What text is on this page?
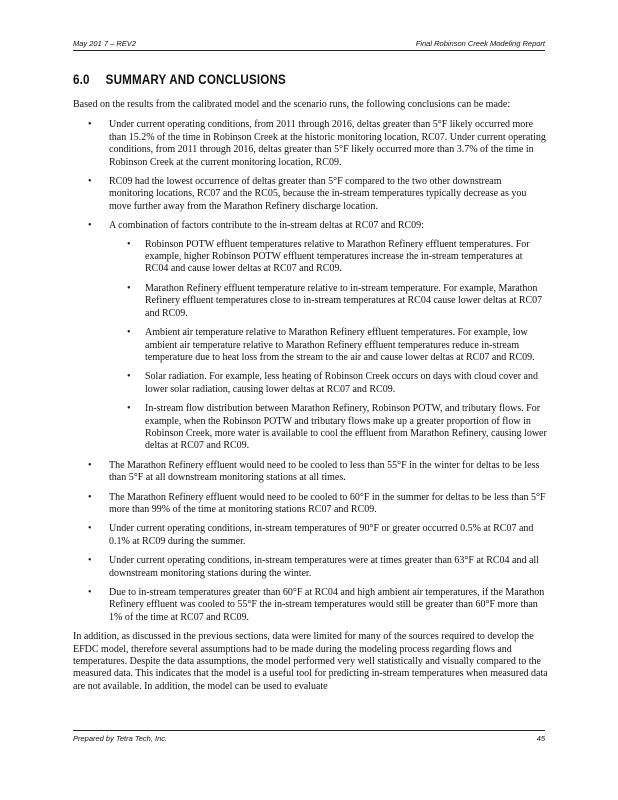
May 201 7 – REV2	Final Robinson Creek Modeling Report
6.0 SUMMARY AND CONCLUSIONS

Based on the results from the calibrated model and the scenario runs, the following conclusions can be made:

• Under current operating conditions, from 2011 through 2016, deltas greater than 5°F likely occurred more than 15.2% of the time in Robinson Creek at the historic monitoring location, RC07. Under current operating conditions, from 2011 through 2016, deltas greater than 5°F likely occurred more than 3.7% of the time in Robinson Creek at the current monitoring location, RC09.
• RC09 had the lowest occurrence of deltas greater than 5°F compared to the two other downstream monitoring locations, RC07 and the RC05, because the in-stream temperatures typically decrease as you move further away from the Marathon Refinery discharge location.
• A combination of factors contribute to the in-stream deltas at RC07 and RC09:
• Robinson POTW effluent temperatures relative to Marathon Refinery effluent temperatures. For example, higher Robinson POTW effluent temperatures increase the in-stream temperatures at RC04 and cause lower deltas at RC07 and RC09.
• Marathon Refinery effluent temperature relative to in-stream temperature. For example, Marathon Refinery effluent temperatures close to in-stream temperatures at RC04 cause lower deltas at RC07 and RC09.
• Ambient air temperature relative to Marathon Refinery effluent temperatures. For example, low ambient air temperature relative to Marathon Refinery effluent temperatures reduce in-stream temperature due to heat loss from the stream to the air and cause lower deltas at RC07 and RC09.
• Solar radiation. For example, less heating of Robinson Creek occurs on days with cloud cover and lower solar radiation, causing lower deltas at RC07 and RC09.
• In-stream flow distribution between Marathon Refinery, Robinson POTW, and tributary flows. For example, when the Robinson POTW and tributary flows make up a greater proportion of flow in Robinson Creek, more water is available to cool the effluent from Marathon Refinery, causing lower deltas at RC07 and RC09.
• The Marathon Refinery effluent would need to be cooled to less than 55°F in the winter for deltas to be less than 5°F at all downstream monitoring stations at all times.
• The Marathon Refinery effluent would need to be cooled to 60°F in the summer for deltas to be less than 5°F more than 99% of the time at monitoring stations RC07 and RC09.
• Under current operating conditions, in-stream temperatures of 90°F or greater occurred 0.5% at RC07 and 0.1% at RC09 during the summer.
• Under current operating conditions, in-stream temperatures were at times greater than 63°F at RC04 and all downstream monitoring stations during the winter.
• Due to in-stream temperatures greater than 60°F at RC04 and high ambient air temperatures, if the Marathon Refinery effluent was cooled to 55°F the in-stream temperatures would still be greater than 60°F more than 1% of the time at RC07 and RC09.

In addition, as discussed in the previous sections, data were limited for many of the sources required to develop the EFDC model, therefore several assumptions had to be made during the modeling process regarding flows and temperatures. Despite the data assumptions, the model performed very well statistically and visually compared to the measured data. This indicates that the model is a useful tool for predicting in-stream temperatures when measured data are not available. In addition, the model can be used to evaluate

Prepared by Tetra Tech, Inc.	45
